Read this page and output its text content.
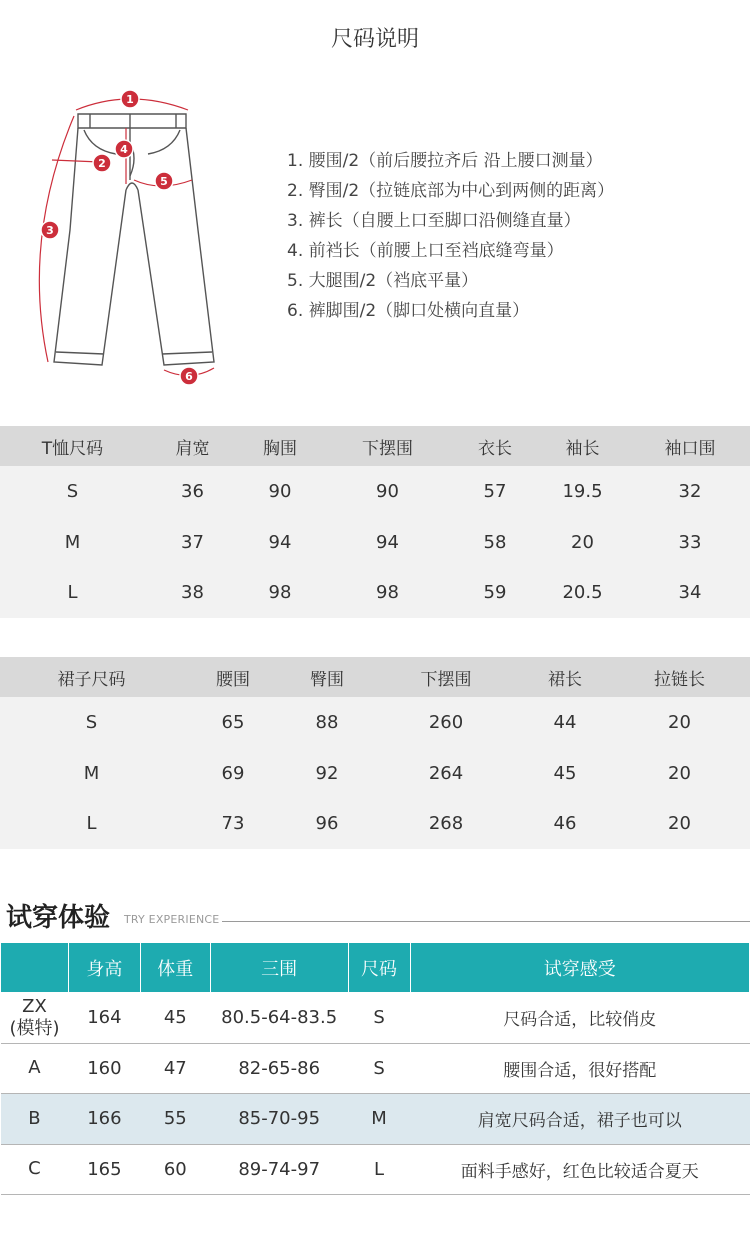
尺码说明
1
2
3
4
5
6
1. 腰围/2（前后腰拉齐后 沿上腰口测量）
2. 臀围/2（拉链底部为中心到两侧的距离）
3. 裤长（自腰上口至脚口沿侧缝直量）
4. 前裆长（前腰上口至裆底缝弯量）
5. 大腿围/2（裆底平量）
6. 裤脚围/2（脚口处横向直量）
T恤尺码	肩宽	胸围	下摆围	衣长	袖长	袖口围
S	36	90	90	57	19.5	32
M	37	94	94	58	20	33
L	38	98	98	59	20.5	34
裙子尺码	腰围	臀围	下摆围	裙长	拉链长
S	65	88	260	44	20
M	69	92	264	45	20
L	73	96	268	46	20
试穿体验 TRY EXPERIENCE
	身高	体重	三围	尺码	试穿感受
ZX
(模特)	164	45	80.5-64-83.5	S	尺码合适，比较俏皮
A	160	47	82-65-86	S	腰围合适，很好搭配
B	166	55	85-70-95	M	肩宽尺码合适，裙子也可以
C	165	60	89-74-97	L	面料手感好，红色比较适合夏天
